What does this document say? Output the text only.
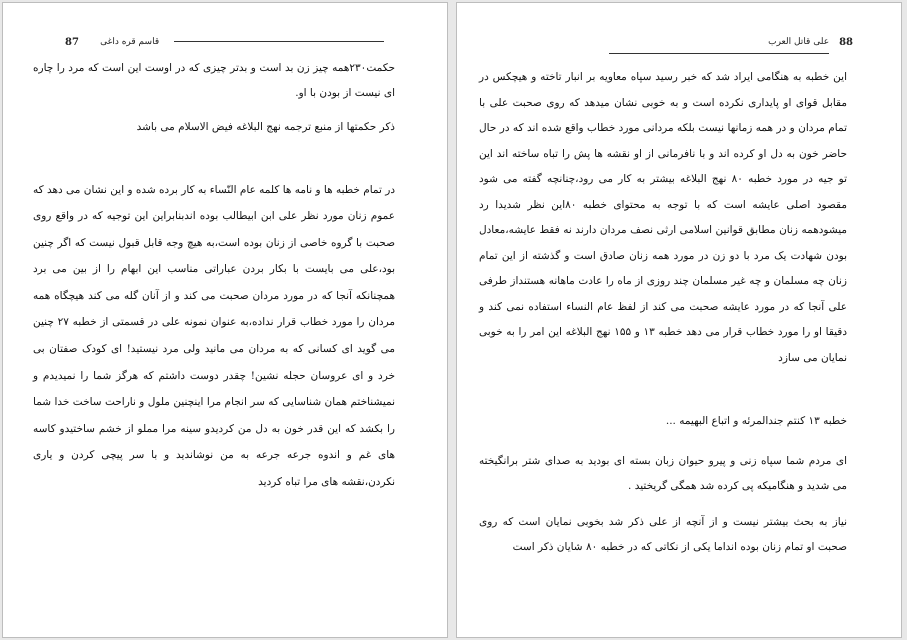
قاسم قره داغی
87

حکمت۲۳۰همه چیز زن بد است و بدتر چیزی که در اوست این است که مرد را چاره ای نیست از بودن با او.

ذکر حکمتها از منبع ترجمه نهج البلاغه فیض الاسلام می باشد

در تمام خطبه ها و نامه ها کلمه عام النّساء به کار برده شده و این نشان می دهد که عموم زنان مورد نظر علی ابن ابیطالب بوده اندبنابراین این توجیه که در واقع روی صحبت با گروه خاصی از زنان بوده است،به هیچ وجه قابل قبول نیست که اگر چنین بود،علی می بایست با بکار بردن عباراتی مناسب این ابهام را از بین می برد همچنانکه آنجا که در مورد مردان صحبت می کند و از آنان گله می کند هیچگاه همه مردان را مورد خطاب قرار نداده،به عنوان نمونه علی در قسمتی از خطبه ۲۷ چنین می گوید ای کسانی که به مردان می مانید ولی مرد نیستید! ای کودک صفتان بی خرد و ای عروسان حجله نشین! چقدر دوست داشتم که هرگز شما را نمیدیدم و نمیشناختم همان شناسایی که سر انجام مرا اینچنین ملول و ناراحت ساخت خدا شما را بکشد که این قدر خون به دل من کردیدو سینه مرا مملو از خشم ساختیدو کاسه های غم و اندوه جرعه جرعه به من نوشاندید و با سر پیچی کردن و یاری نکردن،نقشه های مرا تباه کردید

88
علی قاتل العرب

این خطبه به هنگامی ایراد شد که خبر رسید سپاه معاویه بر انبار تاخته و هیچکس در مقابل قوای او پایداری نکرده است و به خوبی نشان میدهد که روی صحبت علی با تمام مردان و در همه زمانها نیست بلکه مردانی مورد خطاب واقع شده اند که در حال حاضر خون به دل او کرده اند و با نافرمانی از او نقشه ها پش را تباه ساخته اند این تو جیه در مورد خطبه ۸۰ نهج البلاغه بیشتر به کار می رود،چنانچه گفته می شود مقصود اصلی عایشه است که با توجه به محتوای خطبه ۸۰این نظر شدیدا رد میشودهمه زنان مطابق قوانین اسلامی ارثی نصف مردان دارند نه فقط عایشه،معادل بودن شهادت یک مرد با دو زن در مورد همه زنان صادق است و گذشته از این تمام زنان چه مسلمان و چه غیر مسلمان چند روزی از ماه را عادت ماهانه هستنداز طرفی علی آنجا که در مورد عایشه صحبت می کند از لفظ عام النساء استفاده نمی کند و دقیقا او را مورد خطاب قرار می دهد خطبه ۱۳ و ۱۵۵ نهج البلاغه این امر را به خوبی نمایان می سازد

خطبه ۱۳ کنتم جندالمرئه و اتباع البهیمه ...

ای مردم شما سپاه زنی و پیرو حیوان زبان بسته ای بودید به صدای شتر برانگیخته می شدید و هنگامیکه پی کرده شد همگی گریختید .

نیاز به بحث بیشتر نیست و از آنچه از علی ذکر شد بخوبی نمایان است که روی صحبت او تمام زنان بوده انداما یکی از نکاتی که در خطبه ۸۰ شایان ذکر است
